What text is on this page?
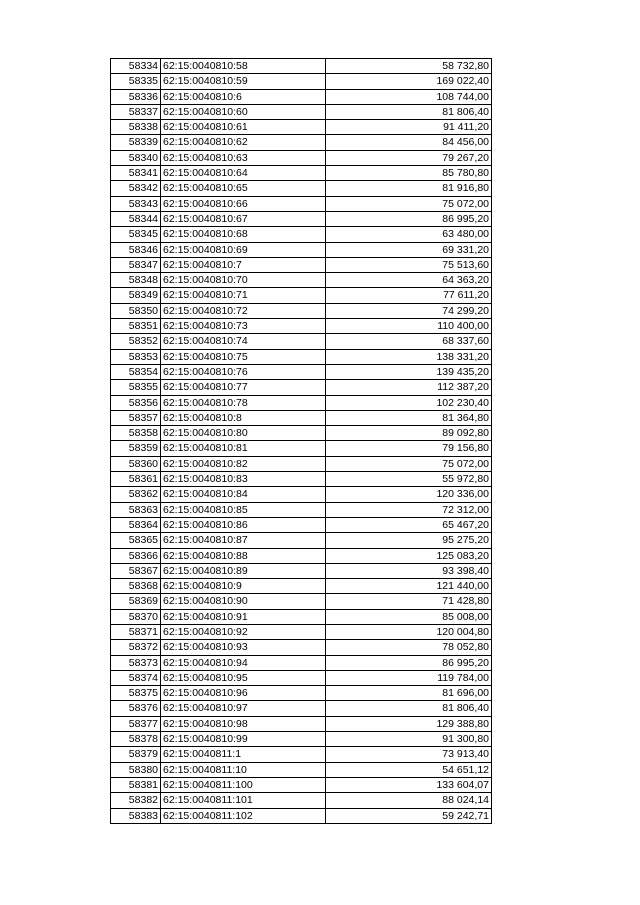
58334	62:15:0040810:58	58 732,80
58335	62:15:0040810:59	169 022,40
58336	62:15:0040810:6	108 744,00
58337	62:15:0040810:60	81 806,40
58338	62:15:0040810:61	91 411,20
58339	62:15:0040810:62	84 456,00
58340	62:15:0040810:63	79 267,20
58341	62:15:0040810:64	85 780,80
58342	62:15:0040810:65	81 916,80
58343	62:15:0040810:66	75 072,00
58344	62:15:0040810:67	86 995,20
58345	62:15:0040810:68	63 480,00
58346	62:15:0040810:69	69 331,20
58347	62:15:0040810:7	75 513,60
58348	62:15:0040810:70	64 363,20
58349	62:15:0040810:71	77 611,20
58350	62:15:0040810:72	74 299,20
58351	62:15:0040810:73	110 400,00
58352	62:15:0040810:74	68 337,60
58353	62:15:0040810:75	138 331,20
58354	62:15:0040810:76	139 435,20
58355	62:15:0040810:77	112 387,20
58356	62:15:0040810:78	102 230,40
58357	62:15:0040810:8	81 364,80
58358	62:15:0040810:80	89 092,80
58359	62:15:0040810:81	79 156,80
58360	62:15:0040810:82	75 072,00
58361	62:15:0040810:83	55 972,80
58362	62:15:0040810:84	120 336,00
58363	62:15:0040810:85	72 312,00
58364	62:15:0040810:86	65 467,20
58365	62:15:0040810:87	95 275,20
58366	62:15:0040810:88	125 083,20
58367	62:15:0040810:89	93 398,40
58368	62:15:0040810:9	121 440,00
58369	62:15:0040810:90	71 428,80
58370	62:15:0040810:91	85 008,00
58371	62:15:0040810:92	120 004,80
58372	62:15:0040810:93	78 052,80
58373	62:15:0040810:94	86 995,20
58374	62:15:0040810:95	119 784,00
58375	62:15:0040810:96	81 696,00
58376	62:15:0040810:97	81 806,40
58377	62:15:0040810:98	129 388,80
58378	62:15:0040810:99	91 300,80
58379	62:15:0040811:1	73 913,40
58380	62:15:0040811:10	54 651,12
58381	62:15:0040811:100	133 604,07
58382	62:15:0040811:101	88 024,14
58383	62:15:0040811:102	59 242,71
